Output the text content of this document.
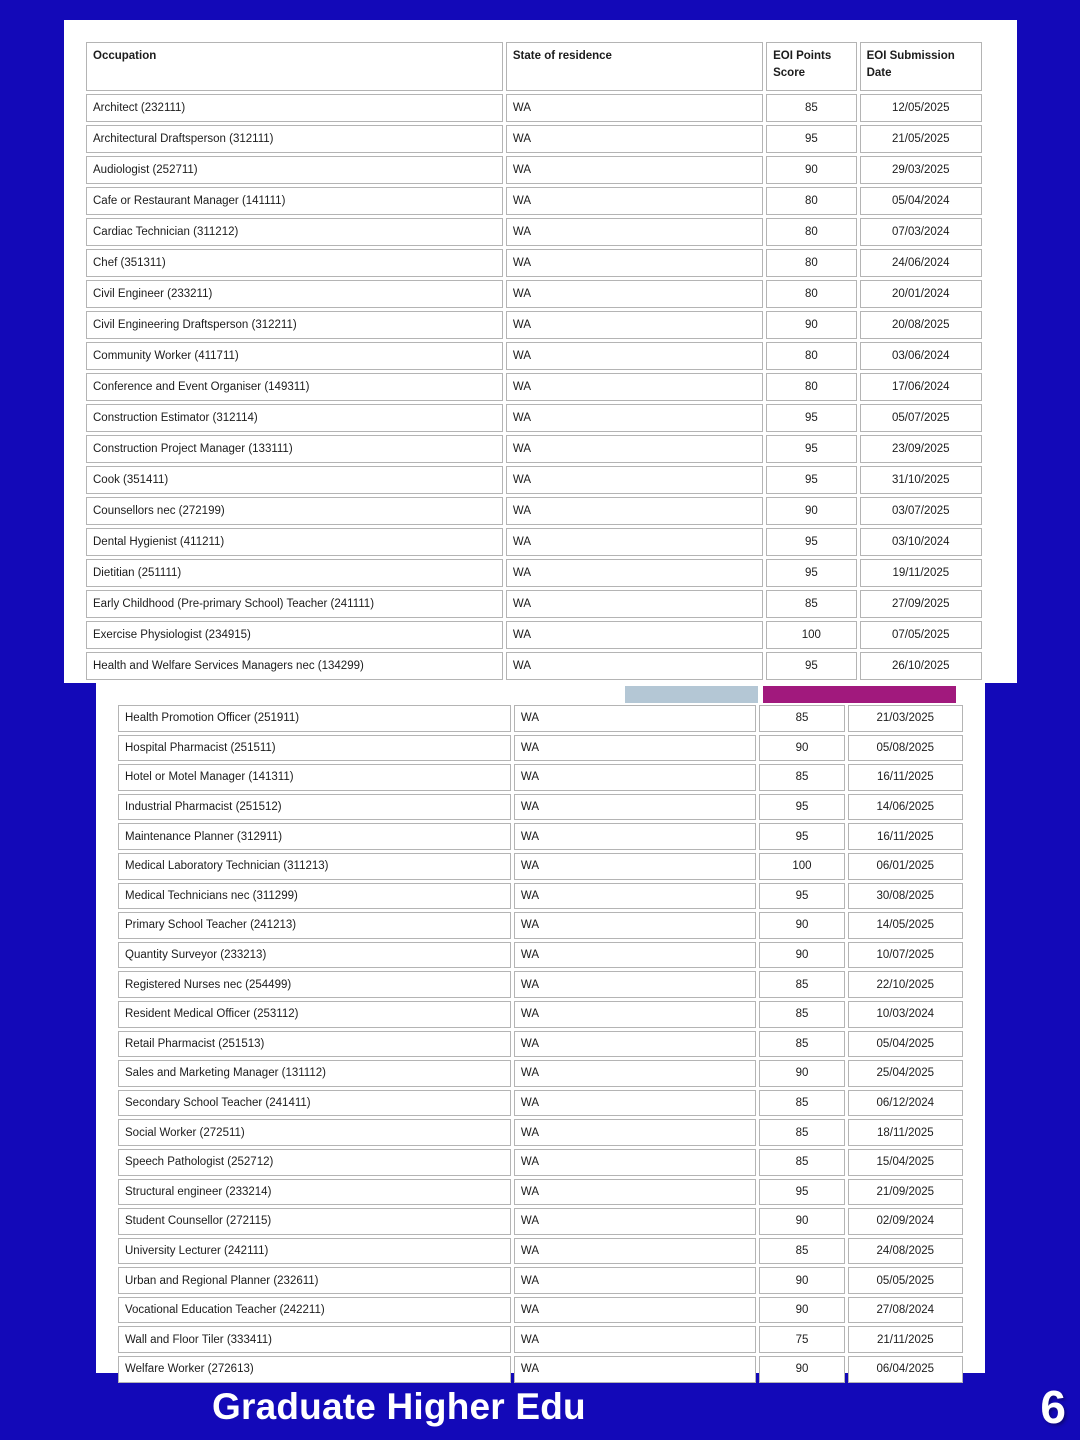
Occupation	State of residence	EOI Points Score	EOI Submission Date
Architect (232111)	WA	85	12/05/2025
Architectural Draftsperson (312111)	WA	95	21/05/2025
Audiologist (252711)	WA	90	29/03/2025
Cafe or Restaurant Manager (141111)	WA	80	05/04/2024
Cardiac Technician (311212)	WA	80	07/03/2024
Chef (351311)	WA	80	24/06/2024
Civil Engineer (233211)	WA	80	20/01/2024
Civil Engineering Draftsperson (312211)	WA	90	20/08/2025
Community Worker (411711)	WA	80	03/06/2024
Conference and Event Organiser (149311)	WA	80	17/06/2024
Construction Estimator (312114)	WA	95	05/07/2025
Construction Project Manager (133111)	WA	95	23/09/2025
Cook (351411)	WA	95	31/10/2025
Counsellors nec (272199)	WA	90	03/07/2025
Dental Hygienist (411211)	WA	95	03/10/2024
Dietitian (251111)	WA	95	19/11/2025
Early Childhood (Pre-primary School) Teacher (241111)	WA	85	27/09/2025
Exercise Physiologist (234915)	WA	100	07/05/2025
Health and Welfare Services Managers nec (134299)	WA	95	26/10/2025
Health Promotion Officer (251911)	WA	85	21/03/2025
Hospital Pharmacist (251511)	WA	90	05/08/2025
Hotel or Motel Manager (141311)	WA	85	16/11/2025
Industrial Pharmacist (251512)	WA	95	14/06/2025
Maintenance Planner (312911)	WA	95	16/11/2025
Medical Laboratory Technician (311213)	WA	100	06/01/2025
Medical Technicians nec (311299)	WA	95	30/08/2025
Primary School Teacher (241213)	WA	90	14/05/2025
Quantity Surveyor (233213)	WA	90	10/07/2025
Registered Nurses nec (254499)	WA	85	22/10/2025
Resident Medical Officer (253112)	WA	85	10/03/2024
Retail Pharmacist (251513)	WA	85	05/04/2025
Sales and Marketing Manager (131112)	WA	90	25/04/2025
Secondary School Teacher (241411)	WA	85	06/12/2024
Social Worker (272511)	WA	85	18/11/2025
Speech Pathologist (252712)	WA	85	15/04/2025
Structural engineer (233214)	WA	95	21/09/2025
Student Counsellor (272115)	WA	90	02/09/2024
University Lecturer (242111)	WA	85	24/08/2025
Urban and Regional Planner (232611)	WA	90	05/05/2025
Vocational Education Teacher (242211)	WA	90	27/08/2024
Wall and Floor Tiler (333411)	WA	75	21/11/2025
Welfare Worker (272613)	WA	90	06/04/2025
Graduate Higher Edu	6
